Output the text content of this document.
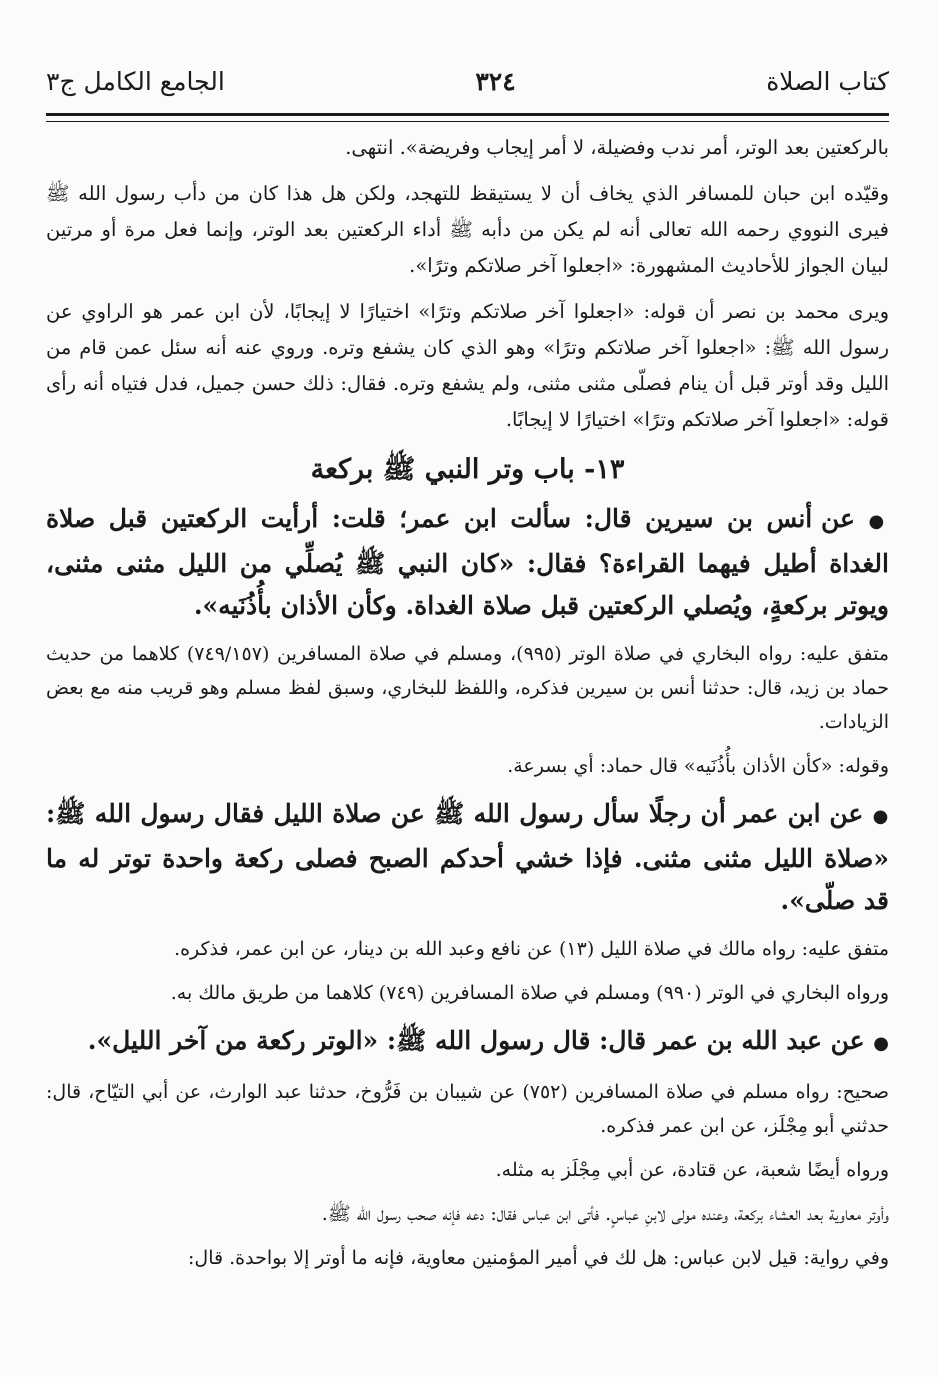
كتاب الصلاة
٣٢٤
الجامع الكامل ج٣

بالركعتين بعد الوتر، أمر ندب وفضيلة، لا أمر إيجاب وفريضة». انتهى.

وقيّده ابن حبان للمسافر الذي يخاف أن لا يستيقظ للتهجد، ولكن هل هذا كان من دأب رسول الله ﷺ فيرى النووي رحمه الله تعالى أنه لم يكن من دأبه ﷺ أداء الركعتين بعد الوتر، وإنما فعل مرة أو مرتين لبيان الجواز للأحاديث المشهورة: «اجعلوا آخر صلاتكم وترًا».

ويرى محمد بن نصر أن قوله: «اجعلوا آخر صلاتكم وترًا» اختيارًا لا إيجابًا، لأن ابن عمر هو الراوي عن رسول الله ﷺ: «اجعلوا آخر صلاتكم وترًا» وهو الذي كان يشفع وتره. وروي عنه أنه سئل عمن قام من الليل وقد أوتر قبل أن ينام فصلّى مثنى مثنى، ولم يشفع وتره. فقال: ذلك حسن جميل، فدل فتياه أنه رأى قوله: «اجعلوا آخر صلاتكم وترًا» اختيارًا لا إيجابًا.

١٣- باب وتر النبي ﷺ بركعة

● عن أنس بن سيرين قال: سألت ابن عمر؛ قلت: أرأيت الركعتين قبل صلاة الغداة أطيل فيهما القراءة؟ فقال: «كان النبي ﷺ يُصلِّي من الليل مثنى مثنى، ويوتر بركعةٍ، ويُصلي الركعتين قبل صلاة الغداة. وكأن الأذان بأُذُنَيه».

متفق عليه: رواه البخاري في صلاة الوتر (٩٩٥)، ومسلم في صلاة المسافرين (٧٤٩/١٥٧) كلاهما من حديث حماد بن زيد، قال: حدثنا أنس بن سيرين فذكره، واللفظ للبخاري، وسبق لفظ مسلم وهو قريب منه مع بعض الزيادات.

وقوله: «كأن الأذان بأُذُنَيه» قال حماد: أي بسرعة.

● عن ابن عمر أن رجلًا سأل رسول الله ﷺ عن صلاة الليل فقال رسول الله ﷺ: «صلاة الليل مثنى مثنى. فإذا خشي أحدكم الصبح فصلى ركعة واحدة توتر له ما قد صلّى».

متفق عليه: رواه مالك في صلاة الليل (١٣) عن نافع وعبد الله بن دينار، عن ابن عمر، فذكره.

ورواه البخاري في الوتر (٩٩٠) ومسلم في صلاة المسافرين (٧٤٩) كلاهما من طريق مالك به.

● عن عبد الله بن عمر قال: قال رسول الله ﷺ: «الوتر ركعة من آخر الليل».

صحيح: رواه مسلم في صلاة المسافرين (٧٥٢) عن شيبان بن فَرُّوخ، حدثنا عبد الوارث، عن أبي التيّاح، قال: حدثني أبو مِجْلَز، عن ابن عمر فذكره.

ورواه أيضًا شعبة، عن قتادة، عن أبي مِجْلَز به مثله.

وأوتر معاوية بعد العشاء بركعة، وعنده مولى لابنِ عباسٍ. فأتى ابن عباس فقال: دعه فإنه صحب رسول الله ﷺ.

وفي رواية: قيل لابن عباس: هل لك في أمير المؤمنين معاوية، فإنه ما أوتر إلا بواحدة. قال:
